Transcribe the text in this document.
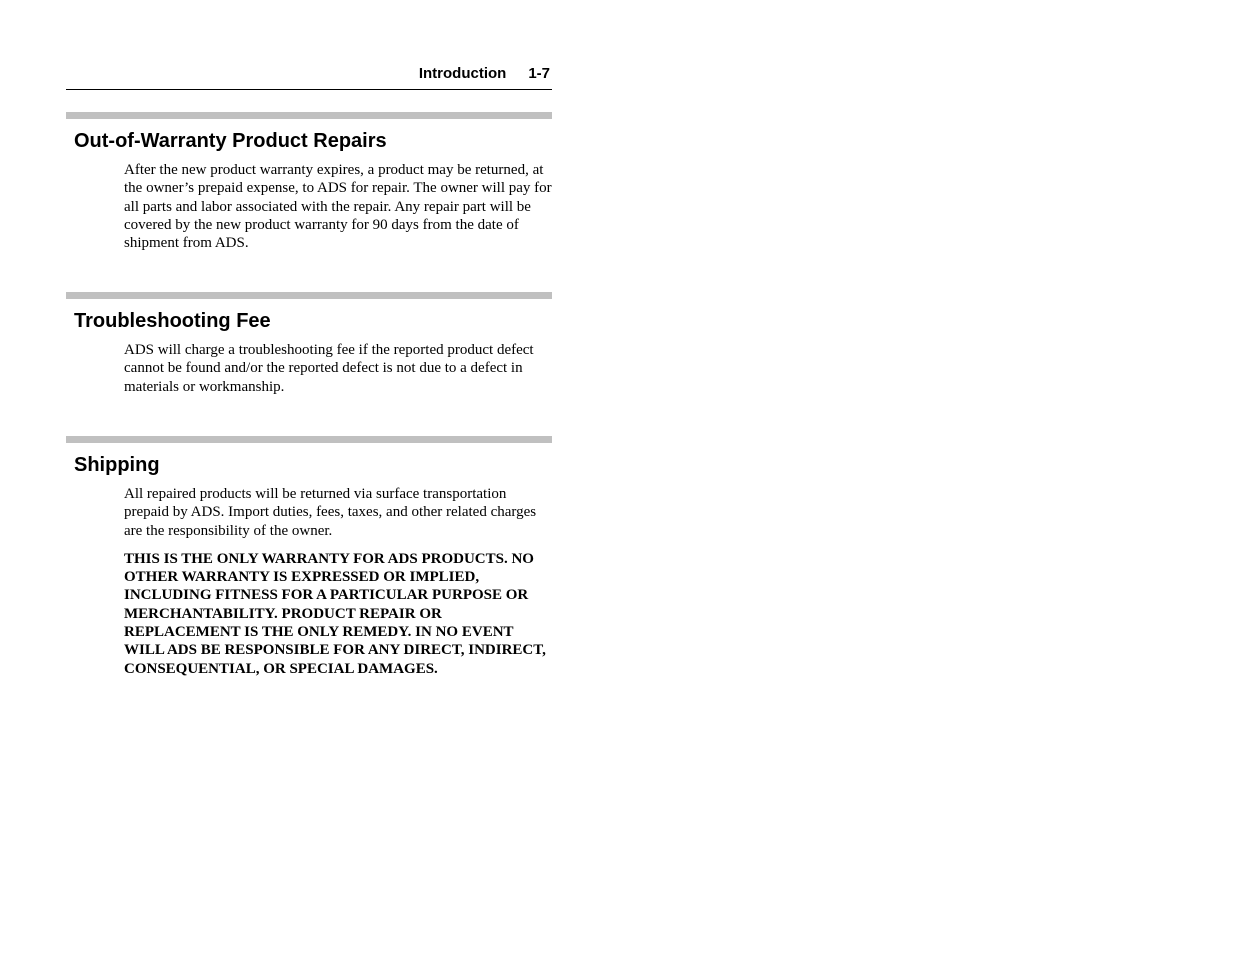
Introduction 1-7
Out-of-Warranty Product Repairs

After the new product warranty expires, a product may be returned, at the owner’s prepaid expense, to ADS for repair. The owner will pay for all parts and labor associated with the repair. Any repair part will be covered by the new product warranty for 90 days from the date of shipment from ADS.

Troubleshooting Fee

ADS will charge a troubleshooting fee if the reported product defect cannot be found and/or the reported defect is not due to a defect in materials or workmanship.

Shipping

All repaired products will be returned via surface transportation prepaid by ADS. Import duties, fees, taxes, and other related charges are the responsibility of the owner.

THIS IS THE ONLY WARRANTY FOR ADS PRODUCTS. NO OTHER WARRANTY IS EXPRESSED OR IMPLIED, INCLUDING FITNESS FOR A PARTICULAR PURPOSE OR MERCHANTABILITY. PRODUCT REPAIR OR REPLACEMENT IS THE ONLY REMEDY. IN NO EVENT WILL ADS BE RESPONSIBLE FOR ANY DIRECT, INDIRECT, CONSEQUENTIAL, OR SPECIAL DAMAGES.
